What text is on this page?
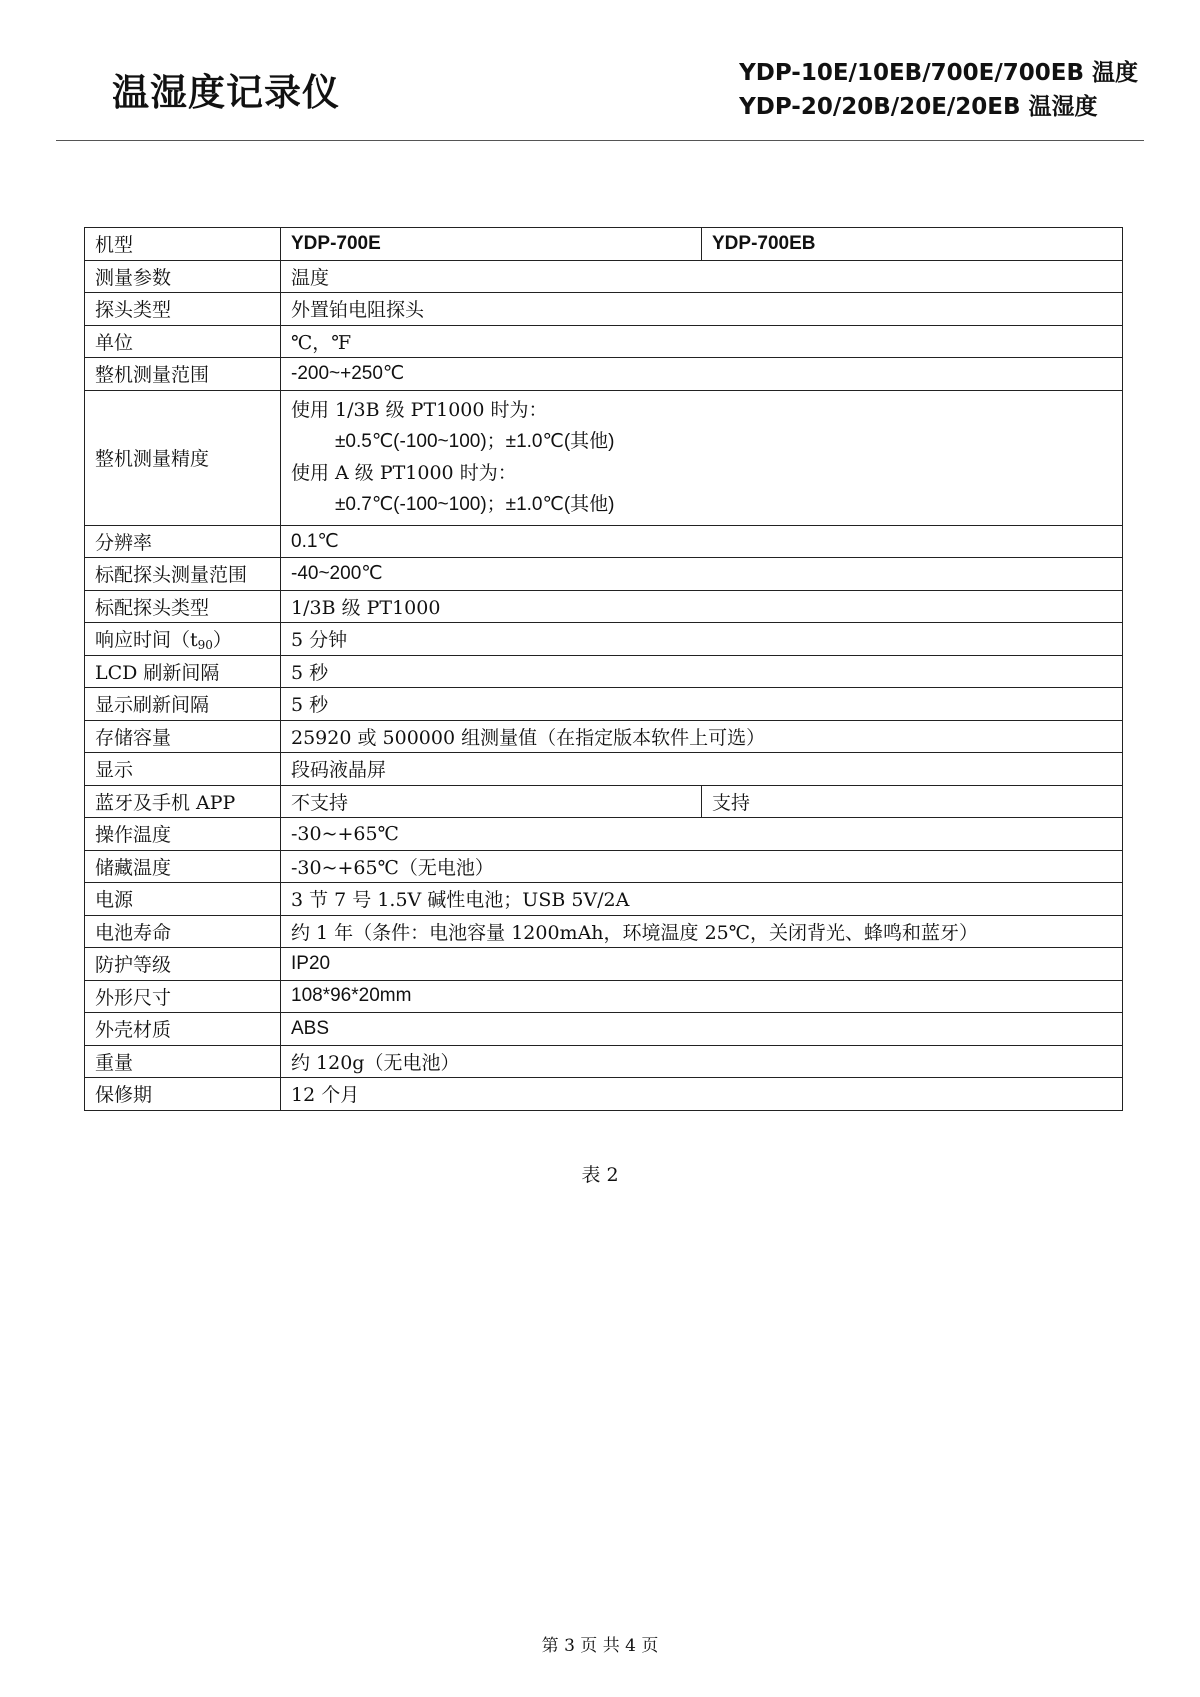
温湿度记录仪	YDP-10E/10EB/700E/700EB 温度
YDP-20/20B/20E/20EB 温湿度
机型	YDP-700E	YDP-700EB
测量参数	温度	
探头类型	外置铂电阻探头	
单位	℃，℉	
整机测量范围	-200~+250℃	
整机测量精度	使用 1/3B 级 PT1000 时为：
±0.5℃(-100~100)；±1.0℃(其他)
使用 A 级 PT1000 时为：
±0.7℃(-100~100)；±1.0℃(其他)	

分辨率	0.1℃	
标配探头测量范围	-40~200℃	
标配探头类型	1/3B 级 PT1000	
响应时间$(t_{90})$	5 分钟	
LCD 刷新间隔	5 秒	
显示刷新间隔	5 秒	
存储容量	25920 或 500000 组测量值（在指定版本软件上可选）	
显示	段码液晶屏	
蓝牙及手机 APP	不支持	支持
操作温度	-30~+65℃	
储藏温度	-30~+65℃（无电池）	
电源	3 节 7 号 1.5V 碱性电池；USB 5V/2A	
电池寿命	约 1 年（条件：电池容量 1200mAh，环境温度 25℃，关闭背光、蜂鸣和蓝牙）	
防护等级	IP20	
外形尺寸	108*96*20mm	
外壳材质	ABS	
重量	约 120g（无电池）	
保修期	12 个月	
表 2
第 3 页 共 4 页
